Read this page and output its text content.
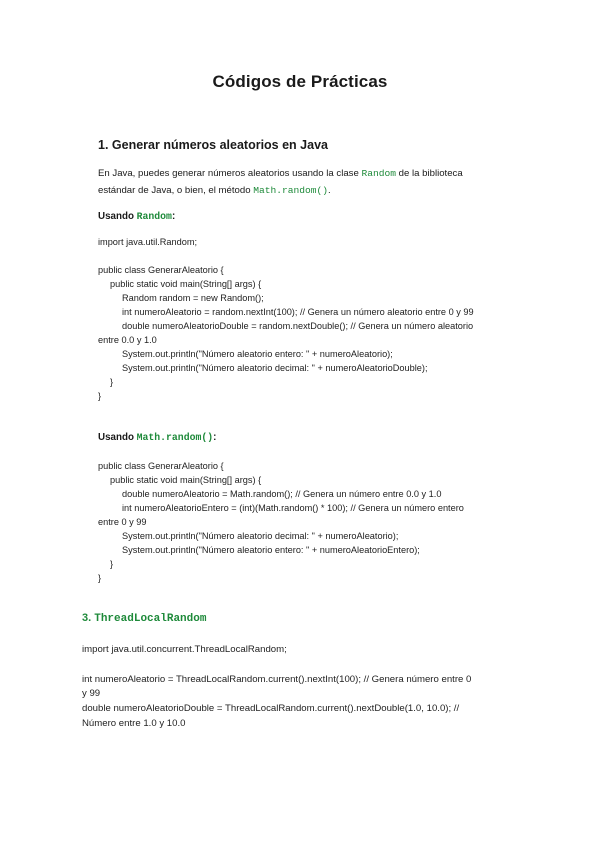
Códigos de Prácticas
1. Generar números aleatorios en Java
En Java, puedes generar números aleatorios usando la clase Random de la biblioteca
estándar de Java, o bien, el método Math.random().
Usando Random:
import java.util.Random;
public class GenerarAleatorio {
public static void main(String[] args) {
Random random = new Random();
int numeroAleatorio = random.nextInt(100); // Genera un número aleatorio entre 0 y 99
double numeroAleatorioDouble = random.nextDouble(); // Genera un número aleatorio
entre 0.0 y 1.0
System.out.println("Número aleatorio entero: " + numeroAleatorio);
System.out.println("Número aleatorio decimal: " + numeroAleatorioDouble);
}
}
Usando Math.random():
public class GenerarAleatorio {
public static void main(String[] args) {
double numeroAleatorio = Math.random(); // Genera un número entre 0.0 y 1.0
int numeroAleatorioEntero = (int)(Math.random() * 100); // Genera un número entero
entre 0 y 99
System.out.println("Número aleatorio decimal: " + numeroAleatorio);
System.out.println("Número aleatorio entero: " + numeroAleatorioEntero);
}
}
3. ThreadLocalRandom
import java.util.concurrent.ThreadLocalRandom;
int numeroAleatorio = ThreadLocalRandom.current().nextInt(100); // Genera número entre 0
y 99
double numeroAleatorioDouble = ThreadLocalRandom.current().nextDouble(1.0, 10.0); //
Número entre 1.0 y 10.0
